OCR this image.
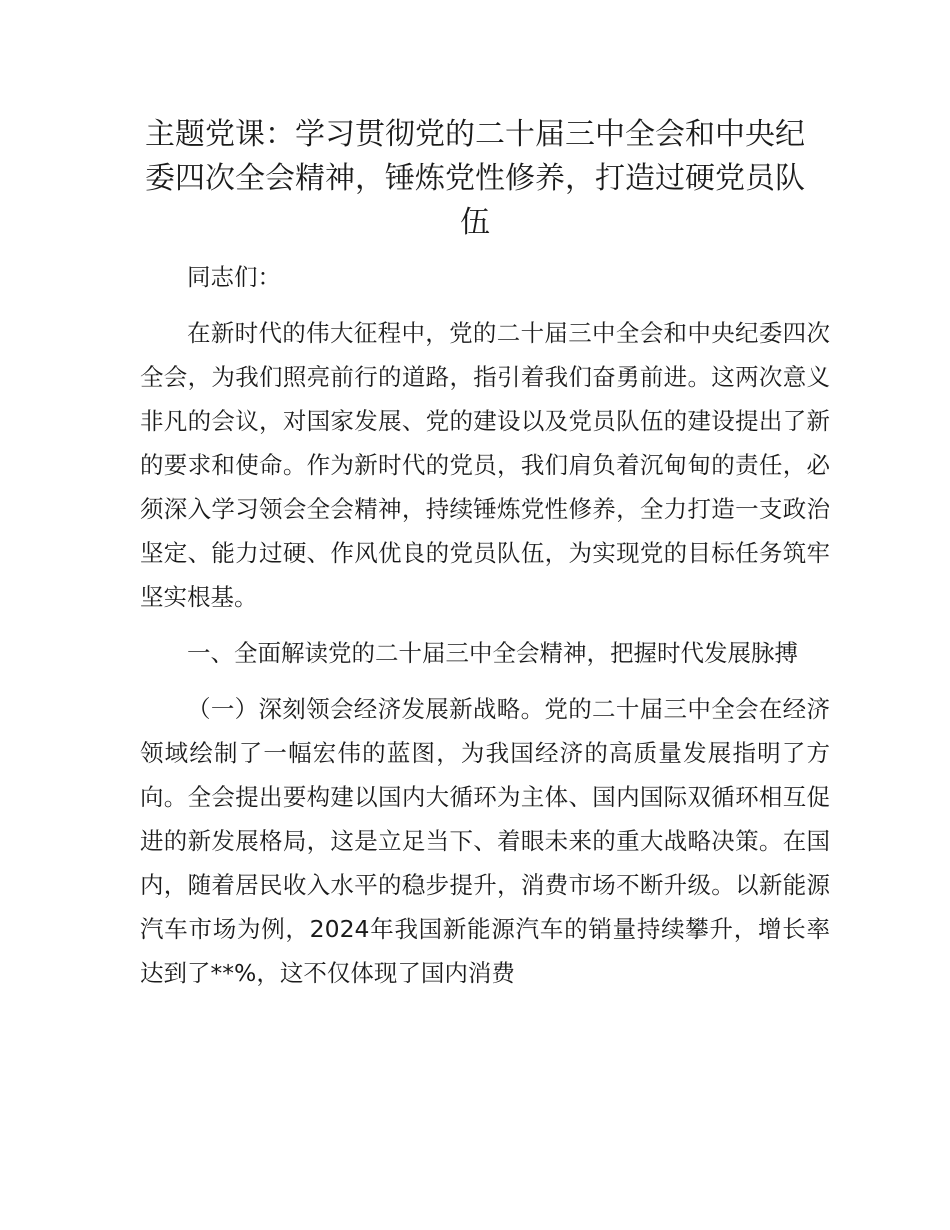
主题党课：学习贯彻党的二十届三中全会和中央纪委四次全会精神，锤炼党性修养，打造过硬党员队伍

同志们：

在新时代的伟大征程中，党的二十届三中全会和中央纪委四次全会，为我们照亮前行的道路，指引着我们奋勇前进。这两次意义非凡的会议，对国家发展、党的建设以及党员队伍的建设提出了新的要求和使命。作为新时代的党员，我们肩负着沉甸甸的责任，必须深入学习领会全会精神，持续锤炼党性修养，全力打造一支政治坚定、能力过硬、作风优良的党员队伍，为实现党的目标任务筑牢坚实根基。

一、全面解读党的二十届三中全会精神，把握时代发展脉搏

（一）深刻领会经济发展新战略。党的二十届三中全会在经济领域绘制了一幅宏伟的蓝图，为我国经济的高质量发展指明了方向。全会提出要构建以国内大循环为主体、国内国际双循环相互促进的新发展格局，这是立足当下、着眼未来的重大战略决策。在国内，随着居民收入水平的稳步提升，消费市场不断升级。以新能源汽车市场为例，2024年我国新能源汽车的销量持续攀升，增长率达到了**%，这不仅体现了国内消费
